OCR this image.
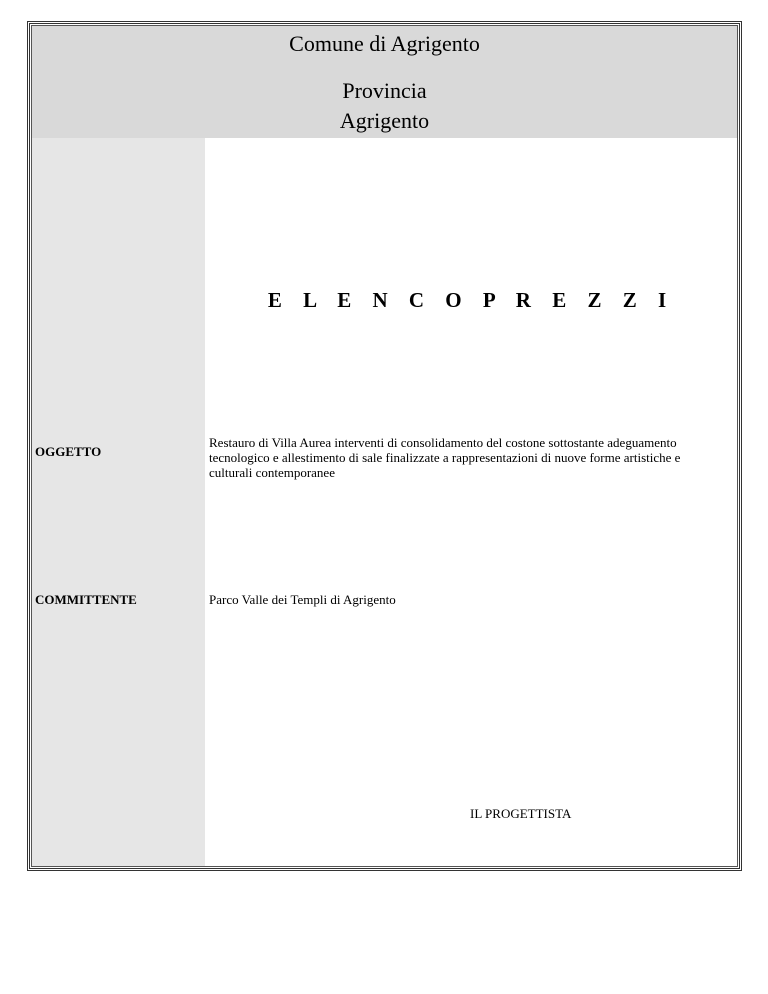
Comune di Agrigento
Provincia
Agrigento
E L E N C O P R E Z Z I
OGGETTO
Restauro di Villa Aurea interventi di consolidamento del costone sottostante adeguamento tecnologico e allestimento di sale finalizzate a rappresentazioni di nuove forme artistiche e culturali contemporanee
COMMITTENTE	Parco Valle dei Templi di Agrigento
IL PROGETTISTA
